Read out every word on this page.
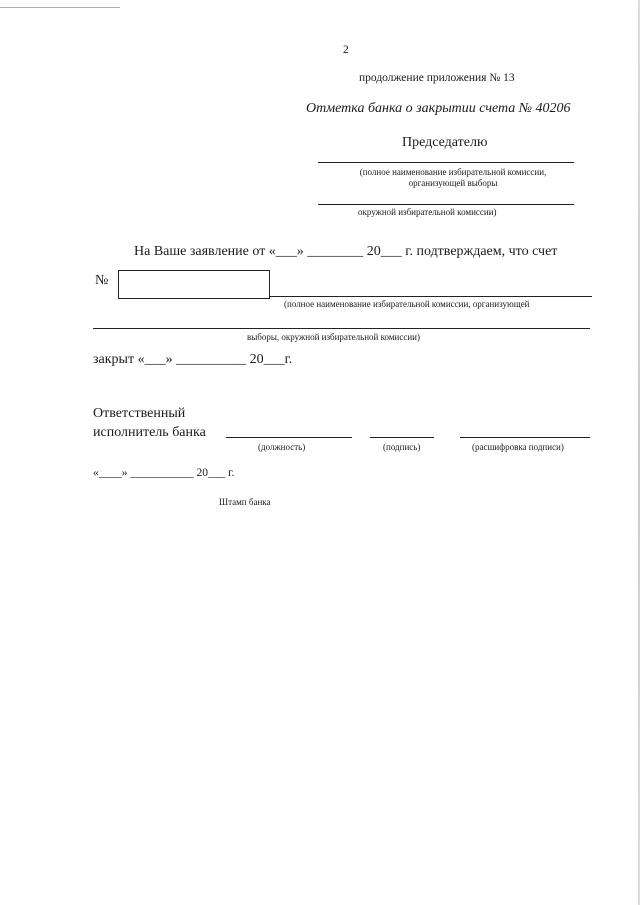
2
продолжение приложения № 13
Отметка банка о закрытии счета № 40206
Председателю
(полное наименование избирательной комиссии, организующей выборы
окружной избирательной комиссии)
На Ваше заявление от «___» ________ 20___ г. подтверждаем, что счет
№
(полное наименование избирательной комиссии, организующей
выборы, окружной избирательной комиссии)
закрыт «___» __________ 20___г.
Ответственный
исполнитель банка
(должность)	(подпись)	(расшифровка подписи)
«____» ___________ 20___ г.
Штамп банка
